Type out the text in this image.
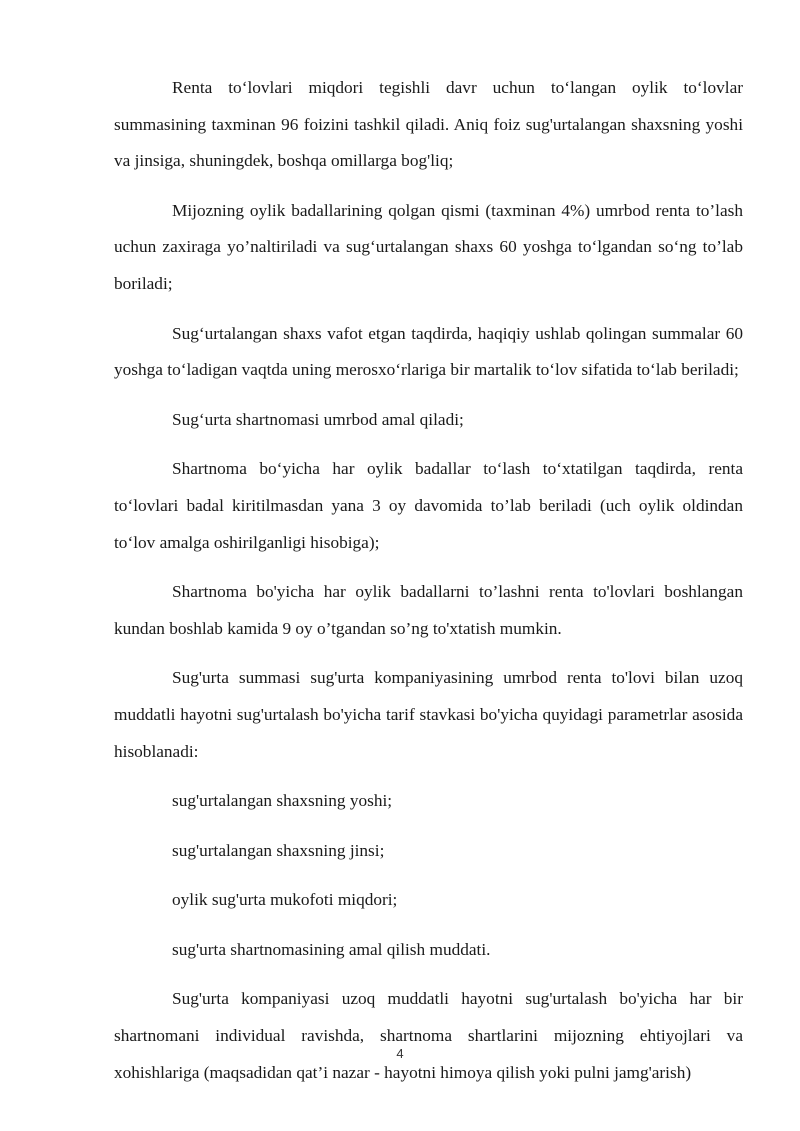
Renta to‘lovlari miqdori tegishli davr uchun to‘langan oylik to‘lovlar summasining taxminan 96 foizini tashkil qiladi. Aniq foiz sug'urtalangan shaxsning yoshi va jinsiga, shuningdek, boshqa omillarga bog'liq;

Mijozning oylik badallarining qolgan qismi (taxminan 4%) umrbod renta to’lash uchun zaxiraga yo’naltiriladi va sug‘urtalangan shaxs 60 yoshga to‘lgandan so‘ng to’lab boriladi;

Sug‘urtalangan shaxs vafot etgan taqdirda, haqiqiy ushlab qolingan summalar 60 yoshga to‘ladigan vaqtda uning merosxo‘rlariga bir martalik to‘lov sifatida to‘lab beriladi;

Sug‘urta shartnomasi umrbod amal qiladi;

Shartnoma bo‘yicha har oylik badallar to‘lash to‘xtatilgan taqdirda, renta to‘lovlari badal kiritilmasdan yana 3 oy davomida to’lab beriladi (uch oylik oldindan to‘lov amalga oshirilganligi hisobiga);

Shartnoma bo'yicha har oylik badallarni to’lashni renta to'lovlari boshlangan kundan boshlab kamida 9 oy o’tgandan so’ng to'xtatish mumkin.

Sug'urta summasi sug'urta kompaniyasining umrbod renta to'lovi bilan uzoq muddatli hayotni sug'urtalash bo'yicha tarif stavkasi bo'yicha quyidagi parametrlar asosida hisoblanadi:

sug'urtalangan shaxsning yoshi;

sug'urtalangan shaxsning jinsi;

oylik sug'urta mukofoti miqdori;

sug'urta shartnomasining amal qilish muddati.

Sug'urta kompaniyasi uzoq muddatli hayotni sug'urtalash bo'yicha har bir shartnomani individual ravishda, shartnoma shartlarini mijozning ehtiyojlari va xohishlariga (maqsadidan qat’i nazar - hayotni himoya qilish yoki pulni jamg'arish)

4
